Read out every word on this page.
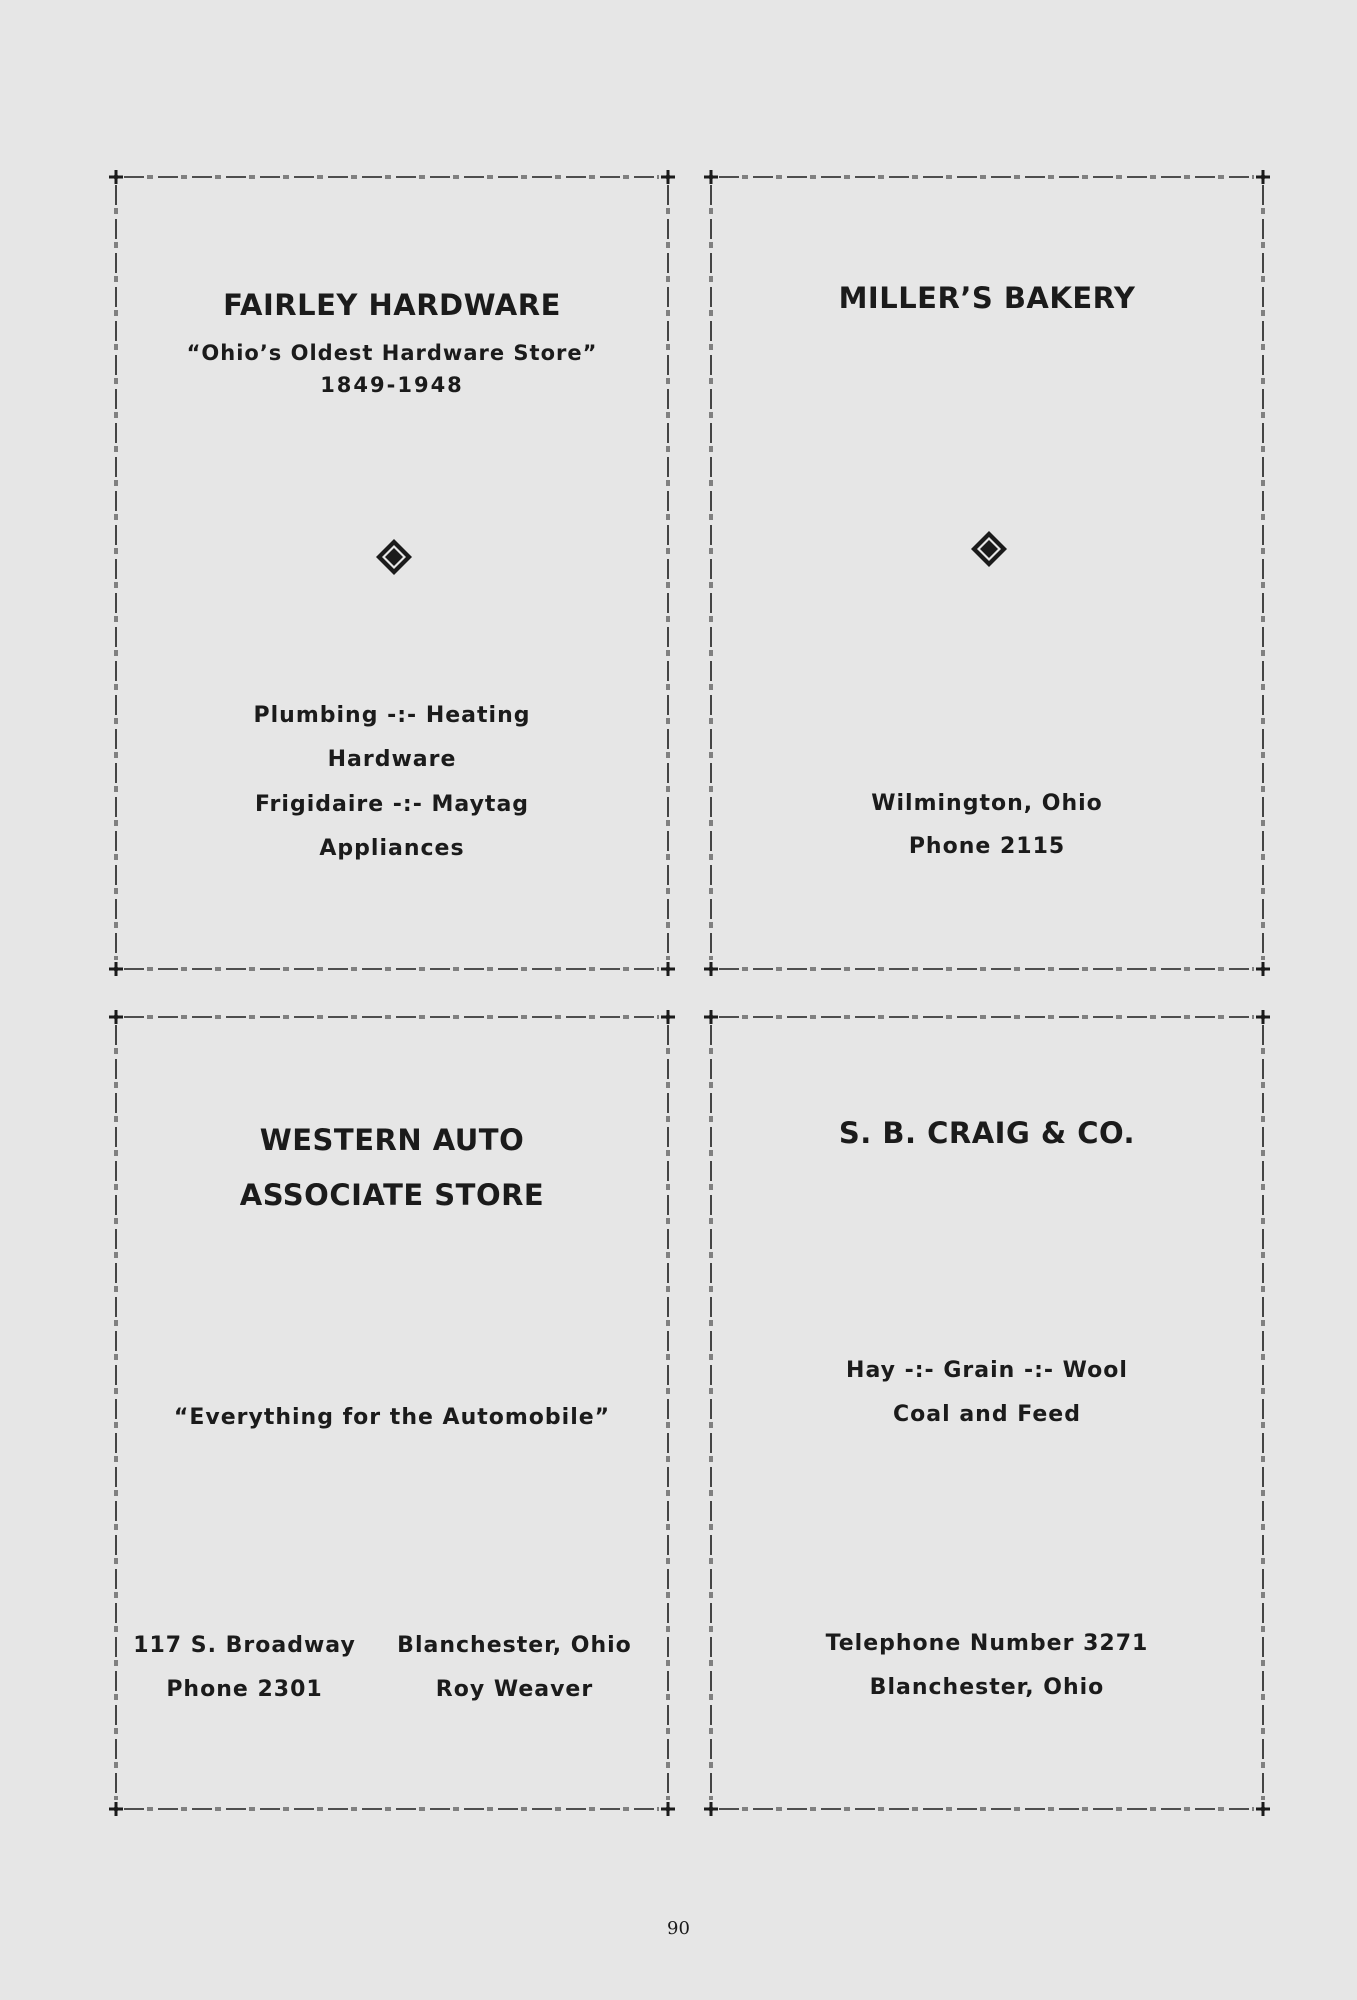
FAIRLEY HARDWARE
“Ohio’s Oldest Hardware Store”
1849-1948
Plumbing -:- Heating
Hardware
Frigidaire -:- Maytag
Appliances
MILLER’S BAKERY
Wilmington, Ohio
Phone 2115
WESTERN AUTO
ASSOCIATE STORE
“Everything for the Automobile”
117 S. Broadway
Phone 2301
Blanchester, Ohio
Roy Weaver
S. B. CRAIG & CO.
Hay -:- Grain -:- Wool
Coal and Feed
Telephone Number 3271
Blanchester, Ohio
90
